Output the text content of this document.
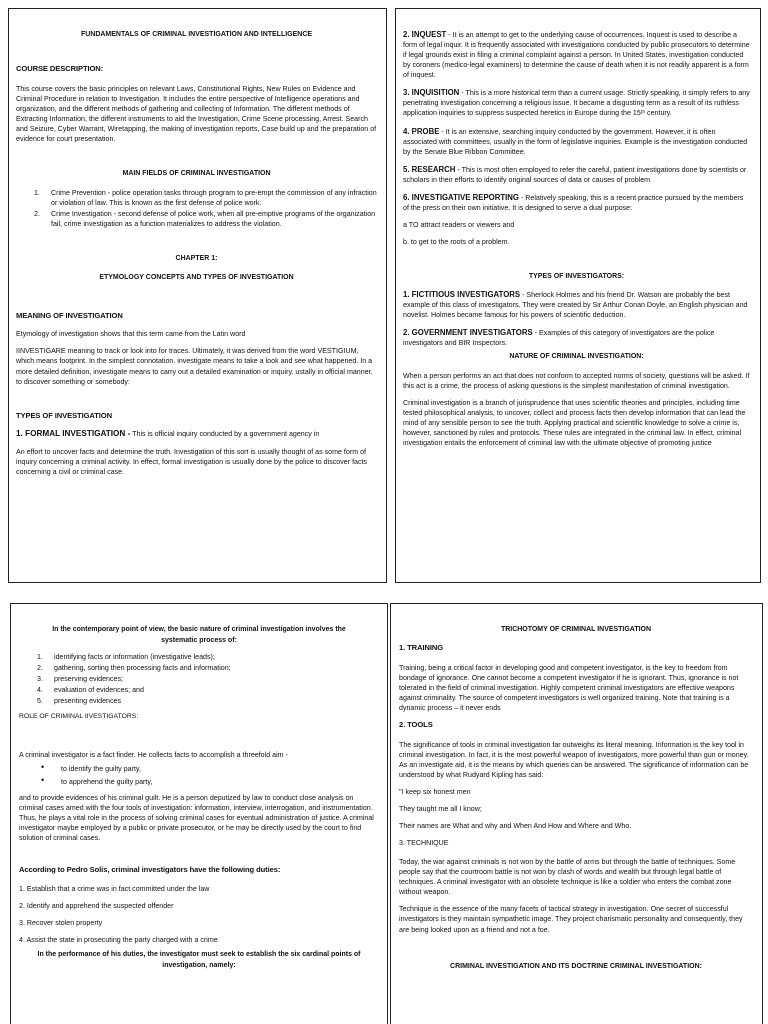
FUNDAMENTALS OF CRIMINAL INVESTIGATION AND INTELLIGENCE
COURSE DESCRIPTION:

This course covers the basic principles on relevant Laws, Constitutional Rights, New Rules on Evidence and Criminal Procedure in relation to Investigation. It includes the entire perspective of Intelligence operations and organization, and the different methods of gathering and collecting of Information. The different methods of Extracting Information, the different instruments to aid the Investigation, Crime Scene processing, Arrest. Search and Seizure, Cyber Warrant, Wiretapping, the making of investigation reports, Case build up and the preparation of evidence for court presentation.

MAIN FIELDS OF CRIMINAL INVESTIGATION
1. Crime Prevention - police operation tasks through program to pre-empt the commission of any infraction or violation of law. This is known as the first defense of police work.
2. Crime Investigation - second defense of police work, when all pre-emptive programs of the organization fail, crime investigation as a function materializes to address the violation.
CHAPTER 1:
ETYMOLOGY CONCEPTS AND TYPES OF INVESTIGATION
MEANING OF INVESTIGATION

Etymology of investigation shows that this term came from the Latin word

IINVESTIGARE meaning to track or look into for traces. Ultimately, it was derived from the word VESTIGIUM, which means footprint. In the simplest connotation. investigate means to take a look and see what happened. In a more detailed definition, investigate means to carry out a detailed examination or inquiry. ustally in official manner. to discover something or somebody:

TYPES OF INVESTIGATION

1. FORMAL INVESTIGATION - This is official inquiry conducted by a government agency in

An effort to uncover facts and determine the truth. Investigation of this sort is usually thought of as some form of inquiry concerning a criminal activity. In effect, formal investigation is usually done by the police to discover facts concerning a civil or criminal case.

2. INQUEST - It is an attempt to get to the underlying cause of occurrences. Inquest is used to describe a form of legal inquir. It is frequently associated with investigations conducted by public prosecutors to determine if legal grounds exist in filing a criminal complaint against a person. In United States, investigation conducted by coroners (medico-legal examiners) to determine the cause of death when it is not readily apparent is a form of inquest.

3. INQUISITION - This is a more historical term than a current usage. Strictly speaking, it simply refers to any penetrating investigation concerning a religious issue. It became a disgusting term as a result of its ruthless application inquiries to suppress suspected heretics in Europe during the 15ᵗʰ century.

4. PROBE - It is an extensive, searching inquiry conducted by the government. However, it is often associated with committees, usually in the form of legislative inquiries. Example is the investigation conducted by the Senate Blue Ribbon Committee.

5. RESEARCH - This is most often employed to refer the careful, patient investigations done by scientists or scholars in their efforts to identify original sources of data or causes of problem

6. INVESTIGATIVE REPORTING - Relatively speaking, this is a recent practice pursued by the members of the press on their own initiative. It is designed to serve a dual purpose:

a TO attract readers or viewers and

b. to get to the roots of a problem.

TYPES OF INVESTIGATORS:

1. FICTITIOUS INVESTIGATORS - Sherlock Holmes and his friend Dr. Watson are probably the best example of this class of investigators. They were created by Sir Arthur Conan Doyle, an English physician and novelist. Holmes became famous for his powers of scientific deduction.

2. GOVERNMENT INVESTIGATORS - Examples of this category of investigators are the police investigators and BIR Inspectors.

NATURE OF CRIMINAL INVESTIGATION:

When a person performs an act that does not conform to accepted norms of society, questions will be asked. If this act is a crime, the process of asking questions is the simplest manifestation of criminal investigation.

Criminal investigation is a branch of jurisprudence that uses scientific theories and principles, including time tested philosophical analysis, to uncover, collect and process facts then develop information that can lead the mind of any sensible person to see the truth. Applying practical and scientific knowledge to solve a crime is, however, sanctioned by rules and protocols. These rules are integrated in the criminal law. In effect, criminal investigation entails the enforcement of criminal law with the ultimate objective of promoting justice

In the contemporary point of view, the basic nature of criminal investigation involves the systematic process of:
1. identifying facts or information (investigative leads);
2. gathering, sorting then processing facts and information;
3. preserving evidences;
4. evaluation of evidences; and
5. presenting evidences

ROLE OF CRIMINAL IIVESTIGATORS:

A criminal investigator is a fact finder. He collects facts to accomplish a threefold aim -

• to identify the guilty party,
• to apprehend the guilty party,

and to provide evidences of his criminal guilt. He is a person deputized by law to conduct close analysis on criminal cases amed with the four tools of investigation: information, interview, interrogation, and instrumentation. Thus, he plays a vital role in the process of solving criminal cases for eventual administration of justice. A criminal investigator maybe employed by a public or private prosecutor, or he may be directly used by the court to find solution of criminal cases.

According to Pedro Solis, criminal investigators have the following duties:

1. Establish that a crime was in fact committed under the law

2. Identify and apprehend the suspected offender

3. Recover stolen property

4. Assist the state in prosecuting the party charged with a crime

In the performance of his duties, the investigator must seek to establish the six cardinal points of investigation, namely:
TRICHOTOMY OF CRIMINAL INVESTIGATION
1. TRAINING

Training, being a critical factor in developing good and competent investigator, is the key to freedom from bondage of ignorance. One cannot become a competent investigator if he is ignorant. Thus, ignorance is not tolerated in the field of criminal investigation. Highly competent criminal investigators are effective weapons against criminality. The source of competent investigators is well organized training. Note that training is a dynamic process – it never ends

2. TOOLS

The significance of tools in criminal investigation far outweighs its literal meaning. Information is the key tool in criminal investigation. In fact, it is the most powerful weapon of investigators, more powerful than gun or money. As an investigate aid, it is the means by which queries can be answered. The significance of information can be understood by what Rudyard Kipling has said:

"I keep six honest men

They taught me all I know;

Their names are What and why and When And How and Where and Who.

3. TECHNIQUE

Today, the war against criminals is not won by the battle of arms but through the battle of techniques. Some people say that the courtroom battle is not won by clash of words and wealth but through legal battle of techniques. A criminal investigator with an obsolete technique is like a soldier who enters the combat zone without weapon.

Technique is the essence of the many facets of tactical strategy in investigation. One secret of successful investigators is they maintain sympathetic image. They project charismatic personality and consequently, they are being looked upon as a friend and not a foe.

CRIMINAL INVESTIGATION AND ITS DOCTRINE CRIMINAL INVESTIGATION:
